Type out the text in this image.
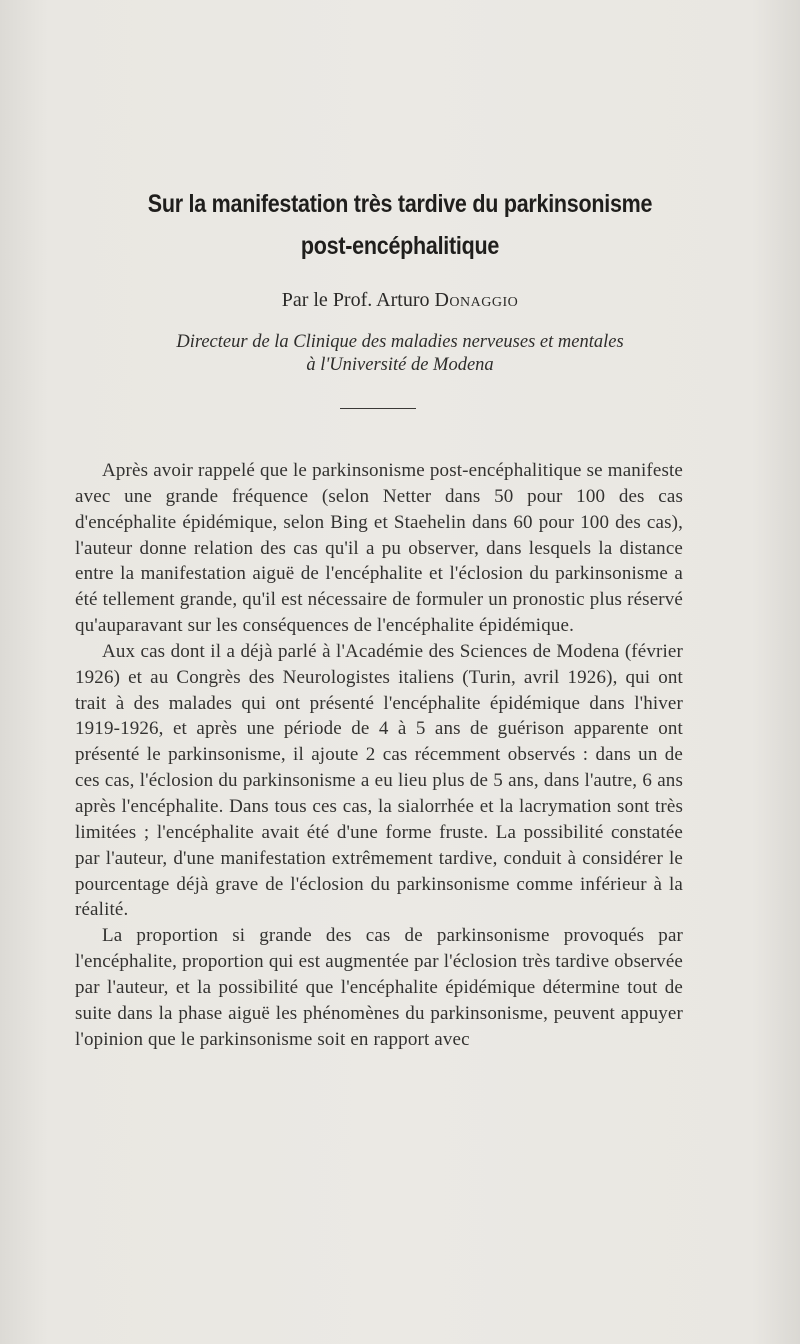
Sur la manifestation très tardive du parkinsonisme
post-encéphalitique
Par le Prof. Arturo Donaggio
Directeur de la Clinique des maladies nerveuses et mentales
à l'Université de Modena

Après avoir rappelé que le parkinsonisme post-encéphalitique se manifeste avec une grande fréquence (selon Netter dans 50 pour 100 des cas d'encéphalite épidémique, selon Bing et Staehelin dans 60 pour 100 des cas), l'auteur donne relation des cas qu'il a pu observer, dans lesquels la distance entre la manifestation aiguë de l'encéphalite et l'éclosion du parkinsonisme a été tellement grande, qu'il est nécessaire de formuler un pronostic plus réservé qu'auparavant sur les conséquences de l'encéphalite épidémique.

Aux cas dont il a déjà parlé à l'Académie des Sciences de Modena (février 1926) et au Congrès des Neurologistes italiens (Turin, avril 1926), qui ont trait à des malades qui ont présenté l'encéphalite épidémique dans l'hiver 1919-1926, et après une période de 4 à 5 ans de guérison apparente ont présenté le parkinsonisme, il ajoute 2 cas récemment observés : dans un de ces cas, l'éclosion du parkinsonisme a eu lieu plus de 5 ans, dans l'autre, 6 ans après l'encéphalite. Dans tous ces cas, la sialorrhée et la lacrymation sont très limitées ; l'encéphalite avait été d'une forme fruste. La possibilité constatée par l'auteur, d'une manifestation extrêmement tardive, conduit à considérer le pourcentage déjà grave de l'éclosion du parkinsonisme comme inférieur à la réalité.

La proportion si grande des cas de parkinsonisme provoqués par l'encéphalite, proportion qui est augmentée par l'éclosion très tardive observée par l'auteur, et la possibilité que l'encéphalite épidémique détermine tout de suite dans la phase aiguë les phénomènes du parkinsonisme, peuvent appuyer l'opinion que le parkinsonisme soit en rapport avec
